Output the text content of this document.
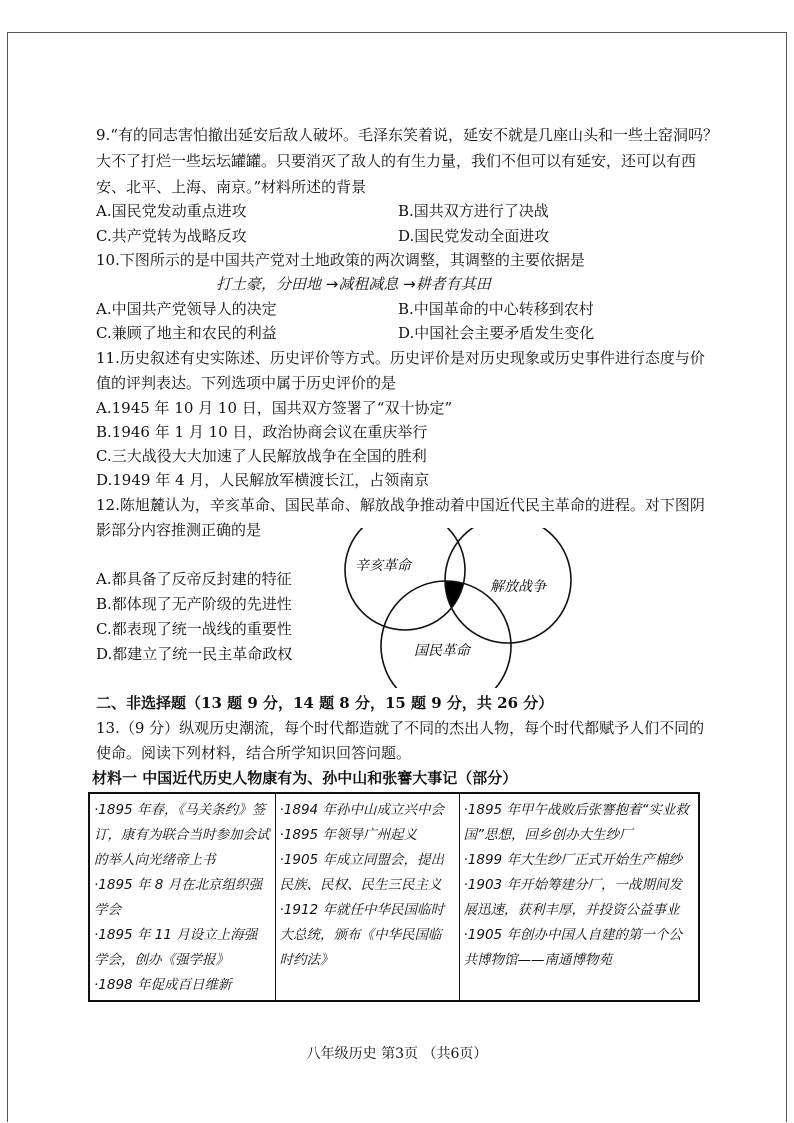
9.“有的同志害怕撤出延安后敌人破坏。毛泽东笑着说，延安不就是几座山头和一些土窑洞吗？
大不了打烂一些坛坛罐罐。只要消灭了敌人的有生力量，我们不但可以有延安，还可以有西
安、北平、上海、南京。”材料所述的背景
A.国民党发动重点进攻	B.国共双方进行了决战
C.共产党转为战略反攻	D.国民党发动全面进攻
10.下图所示的是中国共产党对土地政策的两次调整，其调整的主要依据是
打土豪，分田地 →减租减息 →耕者有其田
A.中国共产党领导人的决定	B.中国革命的中心转移到农村
C.兼顾了地主和农民的利益	D.中国社会主要矛盾发生变化
11.历史叙述有史实陈述、历史评价等方式。历史评价是对历史现象或历史事件进行态度与价
值的评判表达。下列选项中属于历史评价的是
A.1945 年 10 月 10 日，国共双方签署了“双十协定”
B.1946 年 1 月 10 日，政治协商会议在重庆举行
C.三大战役大大加速了人民解放战争在全国的胜利
D.1949 年 4 月，人民解放军横渡长江，占领南京
12.陈旭麓认为，辛亥革命、国民革命、解放战争推动着中国近代民主革命的进程。对下图阴
影部分内容推测正确的是
A.都具备了反帝反封建的特征
B.都体现了无产阶级的先进性
C.都表现了统一战线的重要性
D.都建立了统一民主革命政权
辛亥革命
解放战争
国民革命
二、非选择题（13 题 9 分，14 题 8 分，15 题 9 分，共 26 分）
13.（9 分）纵观历史潮流，每个时代都造就了不同的杰出人物，每个时代都赋予人们不同的
使命。阅读下列材料，结合所学知识回答问题。
材料一 中国近代历史人物康有为、孙中山和张謇大事记（部分）
·1895 年春，《马关条约》签订，康有为联合当时参加会试的举人向光绪帝上书
·1895 年 8 月在北京组织强学会
·1895 年 11 月设立上海强学会，创办《强学报》
·1898 年促成百日维新

·1894 年孙中山成立兴中会
·1895 年领导广州起义
·1905 年成立同盟会，提出民族、民权、民生三民主义
·1912 年就任中华民国临时大总统，颁布《中华民国临时约法》

·1895 年甲午战败后张謇抱着“实业救国”思想，回乡创办大生纱厂
·1899 年大生纱厂正式开始生产棉纱
·1903 年开始筹建分厂，一战期间发展迅速，获利丰厚，并投资公益事业
·1905 年创办中国人自建的第一个公共博物馆——南通博物苑
八年级历史 第3页 （共6页）
